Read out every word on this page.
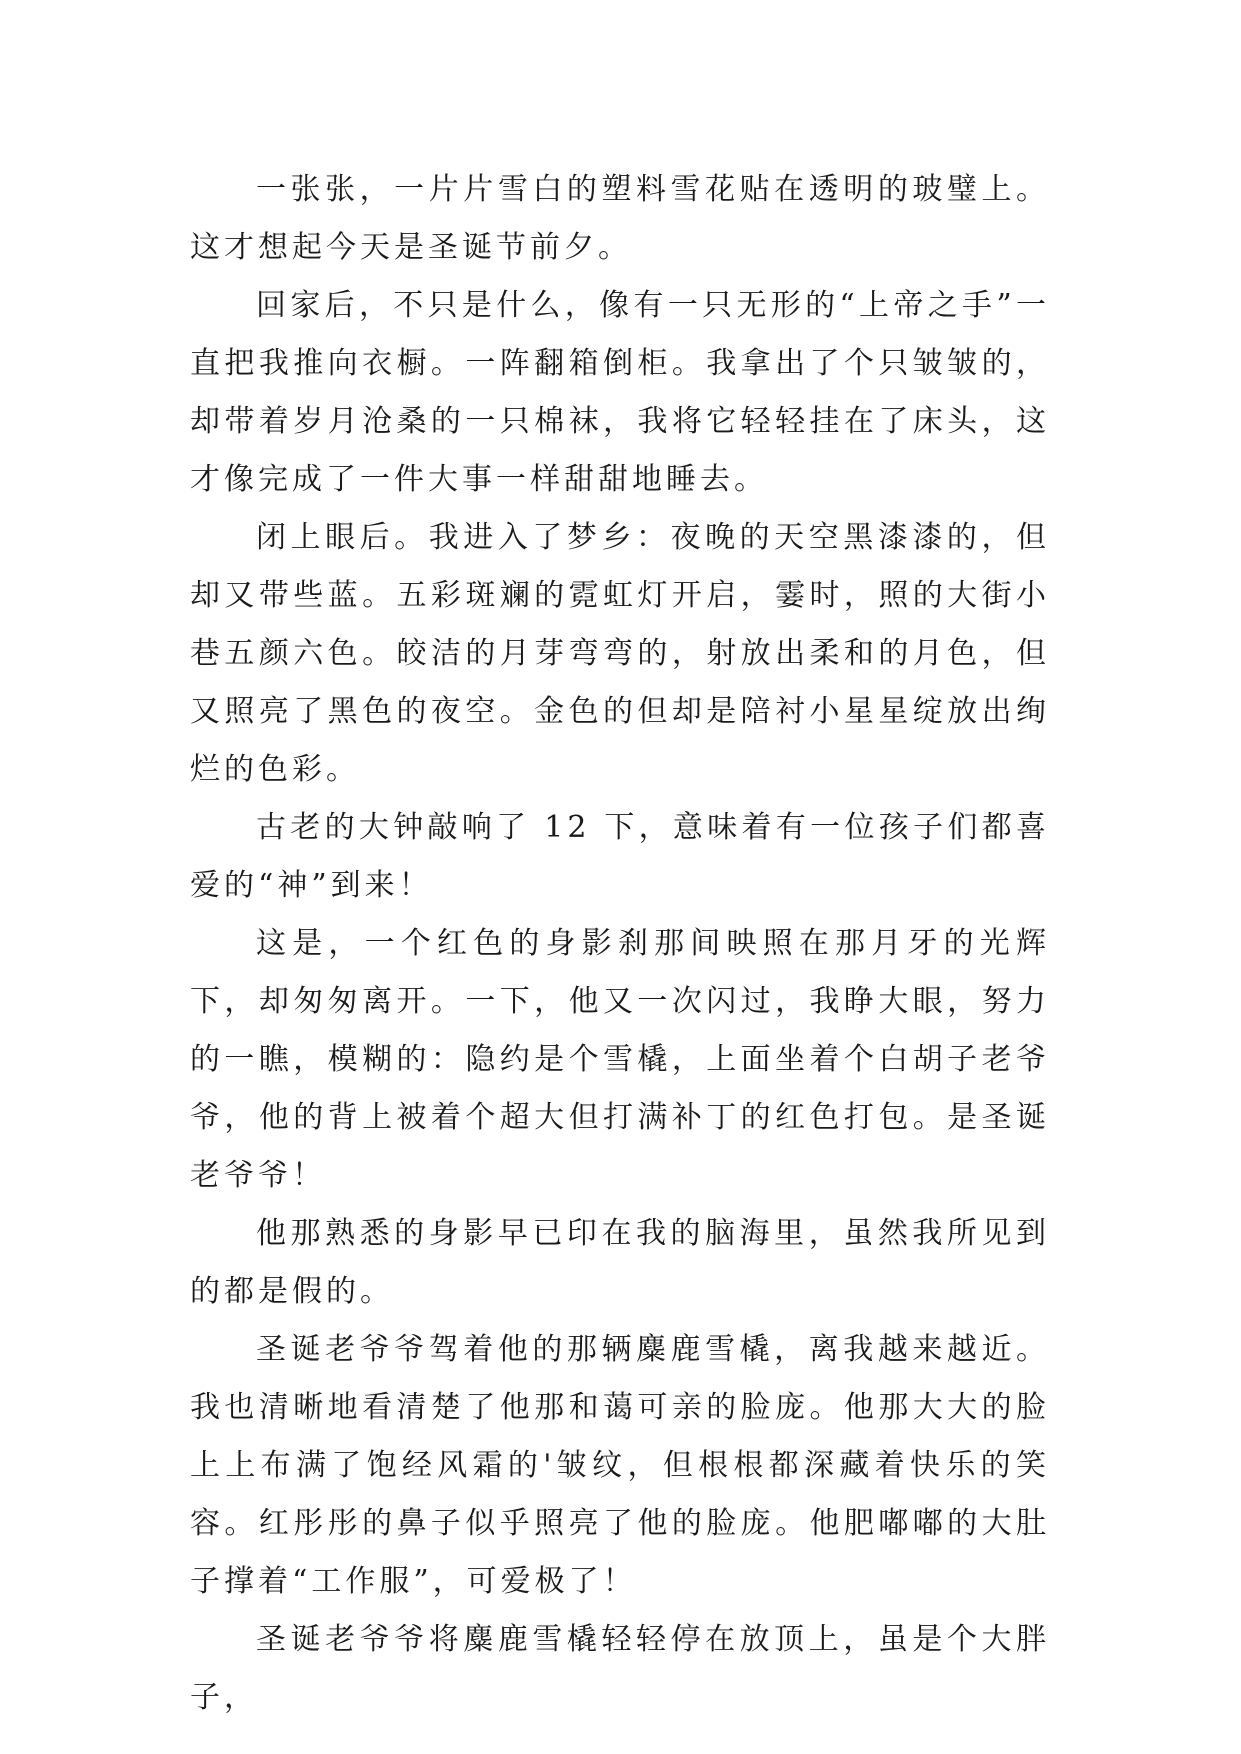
一张张，一片片雪白的塑料雪花贴在透明的玻璧上。这才想起今天是圣诞节前夕。

回家后，不只是什么，像有一只无形的“上帝之手”一直把我推向衣橱。一阵翻箱倒柜。我拿出了个只皱皱的，却带着岁月沧桑的一只棉袜，我将它轻轻挂在了床头，这才像完成了一件大事一样甜甜地睡去。

闭上眼后。我进入了梦乡：夜晚的天空黑漆漆的，但却又带些蓝。五彩斑斓的霓虹灯开启，霎时，照的大街小巷五颜六色。皎洁的月芽弯弯的，射放出柔和的月色，但又照亮了黑色的夜空。金色的但却是陪衬小星星绽放出绚烂的色彩。

古老的大钟敲响了 12 下，意味着有一位孩子们都喜爱的“神”到来！

这是，一个红色的身影刹那间映照在那月牙的光辉下，却匆匆离开。一下，他又一次闪过，我睁大眼，努力的一瞧，模糊的：隐约是个雪橇，上面坐着个白胡子老爷爷，他的背上被着个超大但打满补丁的红色打包。是圣诞老爷爷！

他那熟悉的身影早已印在我的脑海里，虽然我所见到的都是假的。

圣诞老爷爷驾着他的那辆麋鹿雪橇，离我越来越近。我也清晰地看清楚了他那和蔼可亲的脸庞。他那大大的脸上上布满了饱经风霜的'皱纹，但根根都深藏着快乐的笑容。红彤彤的鼻子似乎照亮了他的脸庞。他肥嘟嘟的大肚子撑着“工作服”，可爱极了！

圣诞老爷爷将麋鹿雪橇轻轻停在放顶上，虽是个大胖子，
